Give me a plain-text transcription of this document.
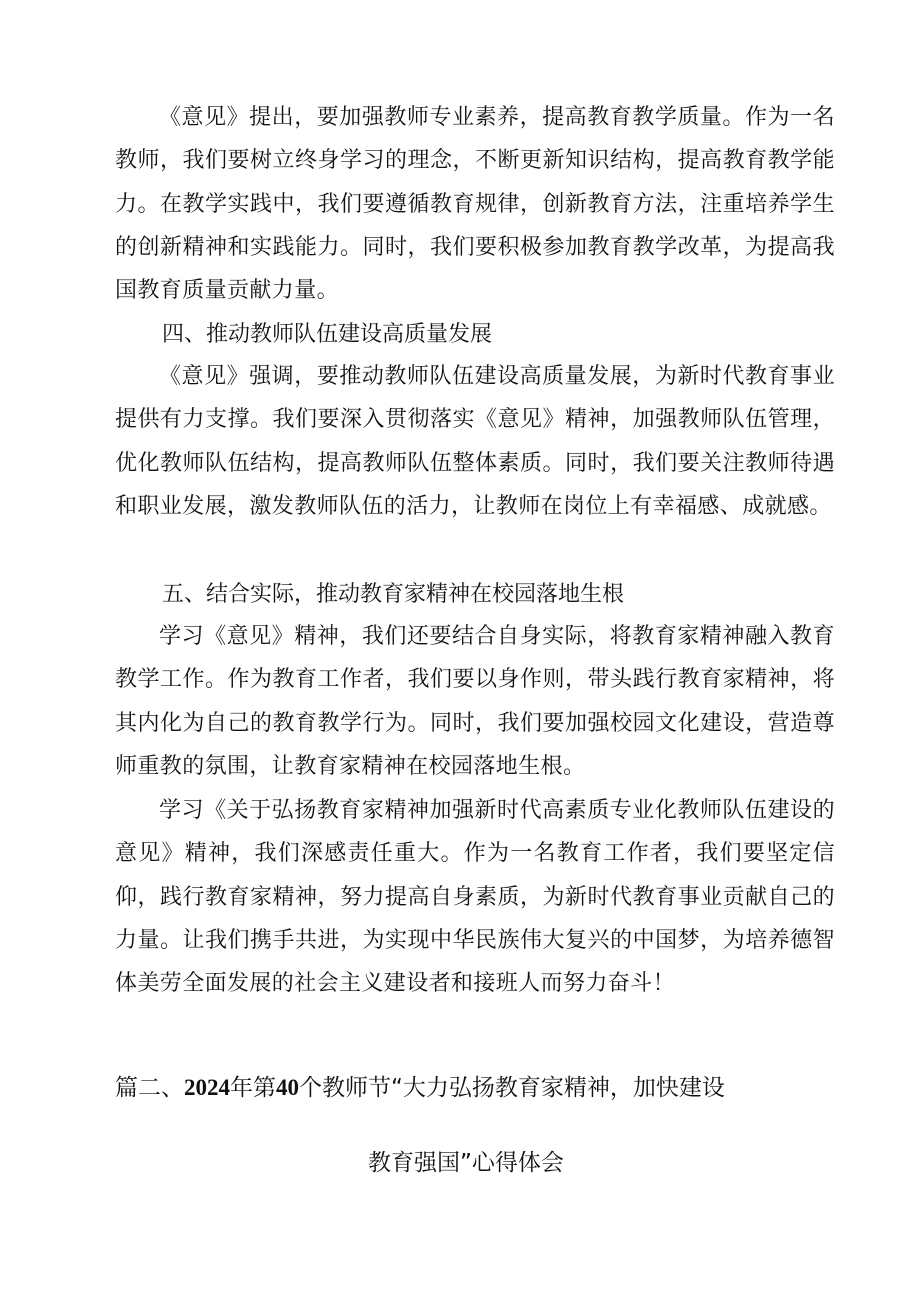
《意见》提出，要加强教师专业素养，提高教育教学质量。作为一名教师，我们要树立终身学习的理念，不断更新知识结构，提高教育教学能力。在教学实践中，我们要遵循教育规律，创新教育方法，注重培养学生的创新精神和实践能力。同时，我们要积极参加教育教学改革，为提高我国教育质量贡献力量。

四、推动教师队伍建设高质量发展

《意见》强调，要推动教师队伍建设高质量发展，为新时代教育事业提供有力支撑。我们要深入贯彻落实《意见》精神，加强教师队伍管理，优化教师队伍结构，提高教师队伍整体素质。同时，我们要关注教师待遇和职业发展，激发教师队伍的活力，让教师在岗位上有幸福感、成就感。

五、结合实际，推动教育家精神在校园落地生根

学习《意见》精神，我们还要结合自身实际，将教育家精神融入教育教学工作。作为教育工作者，我们要以身作则，带头践行教育家精神，将其内化为自己的教育教学行为。同时，我们要加强校园文化建设，营造尊师重教的氛围，让教育家精神在校园落地生根。

学习《关于弘扬教育家精神加强新时代高素质专业化教师队伍建设的意见》精神，我们深感责任重大。作为一名教育工作者，我们要坚定信仰，践行教育家精神，努力提高自身素质，为新时代教育事业贡献自己的力量。让我们携手共进，为实现中华民族伟大复兴的中国梦，为培养德智体美劳全面发展的社会主义建设者和接班人而努力奋斗！

篇二、2024年第40个教师节“大力弘扬教育家精神，加快建设
教育强国”心得体会
